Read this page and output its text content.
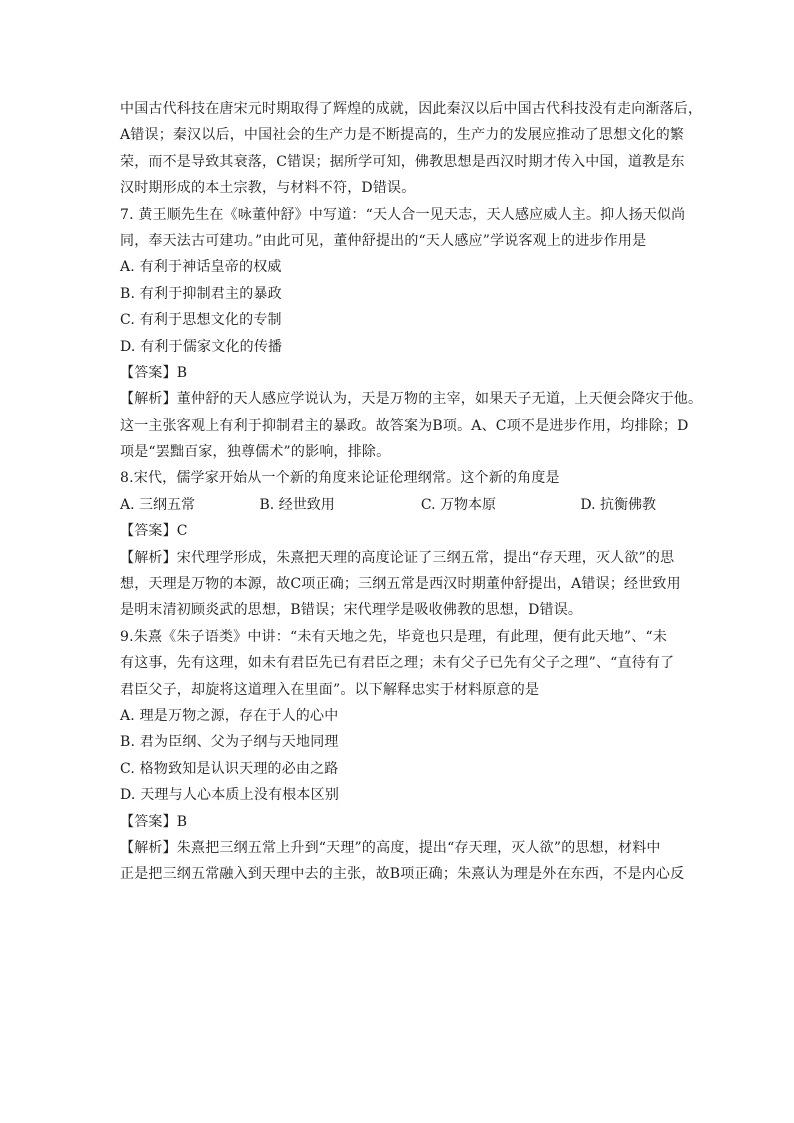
中国古代科技在唐宋元时期取得了辉煌的成就，因此秦汉以后中国古代科技没有走向渐落后，
A错误；秦汉以后，中国社会的生产力是不断提高的，生产力的发展应推动了思想文化的繁
荣，而不是导致其衰落，C错误；据所学可知，佛教思想是西汉时期才传入中国，道教是东
汉时期形成的本土宗教，与材料不符，D错误。
7. 黄王顺先生在《咏董仲舒》中写道：“天人合一见天志，天人感应威人主。抑人扬天似尚
同，奉天法古可建功。”由此可见，董仲舒提出的“天人感应”学说客观上的进步作用是
A. 有利于神话皇帝的权威
B. 有利于抑制君主的暴政
C. 有利于思想文化的专制
D. 有利于儒家文化的传播
【答案】B
【解析】董仲舒的天人感应学说认为，天是万物的主宰，如果天子无道，上天便会降灾于他。
这一主张客观上有利于抑制君主的暴政。故答案为B项。A、C项不是进步作用，均排除；D
项是“罢黜百家，独尊儒术”的影响，排除。
8.宋代，儒学家开始从一个新的角度来论证伦理纲常。这个新的角度是
A. 三纲五常	B. 经世致用	C. 万物本原	D. 抗衡佛教
【答案】C
【解析】宋代理学形成，朱熹把天理的高度论证了三纲五常，提出“存天理，灭人欲”的思
想，天理是万物的本源，故C项正确；三纲五常是西汉时期董仲舒提出，A错误；经世致用
是明末清初顾炎武的思想，B错误；宋代理学是吸收佛教的思想，D错误。
9.朱熹《朱子语类》中讲：“未有天地之先，毕竟也只是理，有此理，便有此天地”、“未
有这事，先有这理，如未有君臣先已有君臣之理；未有父子已先有父子之理”、“直待有了
君臣父子，却旋将这道理入在里面”。以下解释忠实于材料原意的是
A. 理是万物之源，存在于人的心中
B. 君为臣纲、父为子纲与天地同理
C. 格物致知是认识天理的必由之路
D. 天理与人心本质上没有根本区别
【答案】B
【解析】朱熹把三纲五常上升到“天理”的高度，提出“存天理，灭人欲”的思想，材料中
正是把三纲五常融入到天理中去的主张，故B项正确；朱熹认为理是外在东西，不是内心反
